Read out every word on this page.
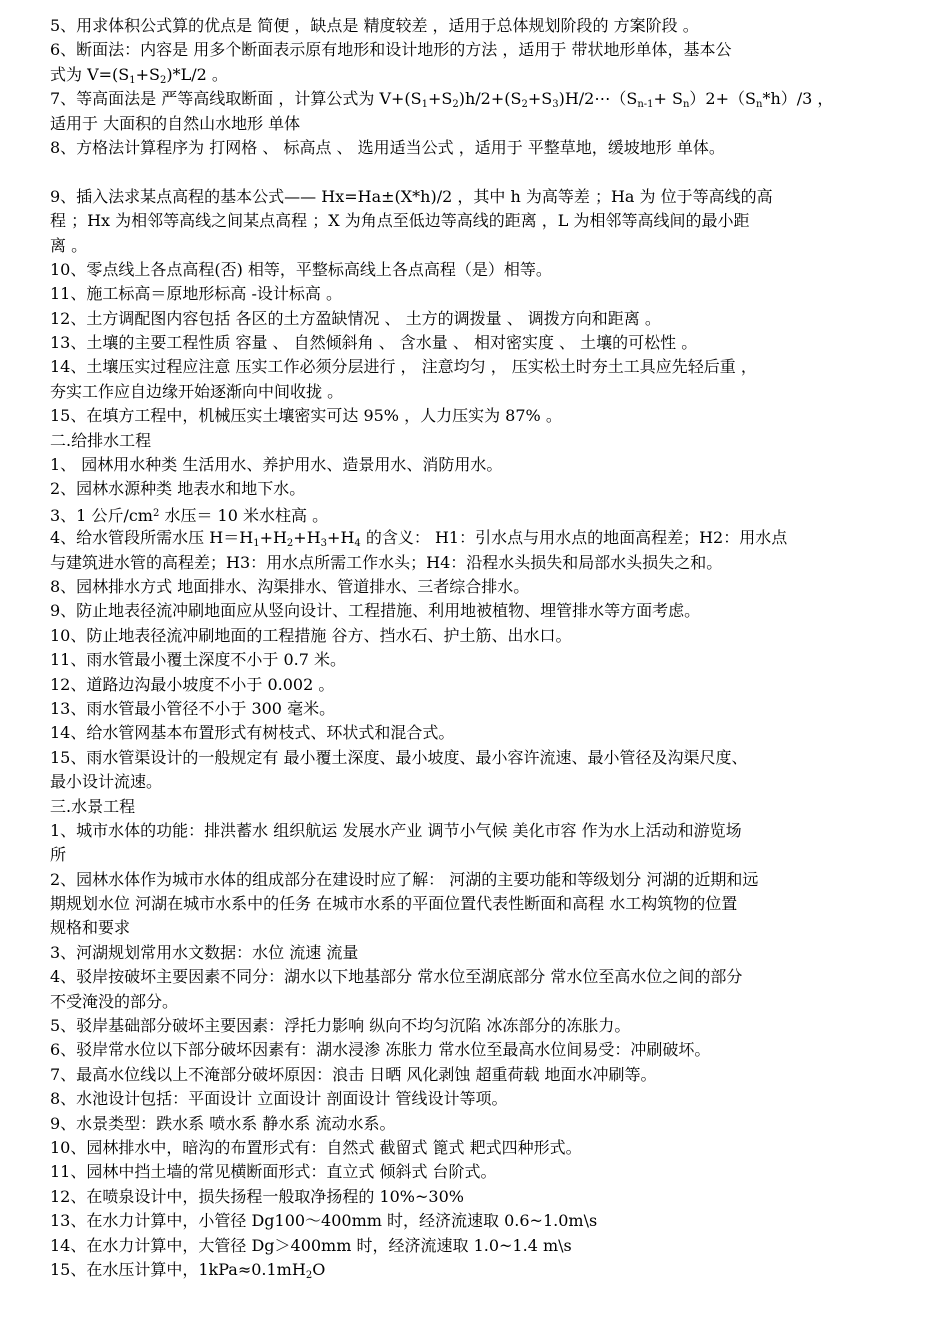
5、用求体积公式算的优点是 简便 ，缺点是 精度较差 ，适用于总体规划阶段的 方案阶段 。
6、断面法：内容是 用多个断面表示原有地形和设计地形的方法 ，适用于 带状地形单体，基本公
式为 $V=(S_1+S_2)*L/2$ 。
7、等高面法是 严等高线取断面 ，计算公式为 $V+(S_1+S_2)h/2+(S_2+S_3)H/2\cdots(S_{n-1}+ S_n)2+(S_n*h)/3$ ，
适用于 大面积的自然山水地形 单体
8、方格法计算程序为 打网格 、 标高点 、 选用适当公式 ，适用于 平整草地，缓坡地形 单体。
9、插入法求某点高程的基本公式—— Hx=Ha±(X*h)/2 ，其中 h 为高等差 ；Ha 为 位于等高线的高
程 ；Hx 为相邻等高线之间某点高程 ；X 为角点至低边等高线的距离 ，L 为相邻等高线间的最小距
离 。
10、零点线上各点高程(否) 相等，平整标高线上各点高程（是）相等。
11、施工标高＝原地形标高 -设计标高 。
12、土方调配图内容包括 各区的土方盈缺情况 、 土方的调拨量 、 调拨方向和距离 。
13、土壤的主要工程性质 容量 、 自然倾斜角 、 含水量 、 相对密实度 、 土壤的可松性 。
14、土壤压实过程应注意 压实工作必须分层进行 ， 注意均匀 ， 压实松土时夯土工具应先轻后重 ，
夯实工作应自边缘开始逐渐向中间收拢 。
15、在填方工程中，机械压实土壤密实可达 95% ，人力压实为 87% 。
二.给排水工程
1、 园林用水种类 生活用水、养护用水、造景用水、消防用水。
2、园林水源种类 地表水和地下水。
3、1 公斤$/cm^2$ 水压＝ 10 米水柱高 。
4、给水管段所需水压 $H=H_1+H_2+H_3+H_4$ 的含义： H1：引水点与用水点的地面高程差；H2：用水点
与建筑进水管的高程差；H3：用水点所需工作水头；H4：沿程水头损失和局部水头损失之和。
8、园林排水方式 地面排水、沟渠排水、管道排水、三者综合排水。
9、防止地表径流冲刷地面应从竖向设计、工程措施、利用地被植物、埋管排水等方面考虑。
10、防止地表径流冲刷地面的工程措施 谷方、挡水石、护土筋、出水口。
11、雨水管最小覆土深度不小于 0.7 米。
12、道路边沟最小坡度不小于 0.002 。
13、雨水管最小管径不小于 300 毫米。
14、给水管网基本布置形式有树枝式、环状式和混合式。
15、雨水管渠设计的一般规定有 最小覆土深度、最小坡度、最小容许流速、最小管径及沟渠尺度、
最小设计流速。
三.水景工程
1、城市水体的功能：排洪蓄水 组织航运 发展水产业 调节小气候 美化市容 作为水上活动和游览场
所
2、园林水体作为城市水体的组成部分在建设时应了解： 河湖的主要功能和等级划分 河湖的近期和远
期规划水位 河湖在城市水系中的任务 在城市水系的平面位置代表性断面和高程 水工构筑物的位置
规格和要求
3、河湖规划常用水文数据：水位 流速 流量
4、驳岸按破坏主要因素不同分：湖水以下地基部分 常水位至湖底部分 常水位至高水位之间的部分
不受淹没的部分。
5、驳岸基础部分破坏主要因素：浮托力影响 纵向不均匀沉陷 冰冻部分的冻胀力。
6、驳岸常水位以下部分破坏因素有：湖水浸渗 冻胀力 常水位至最高水位间易受：冲刷破坏。
7、最高水位线以上不淹部分破坏原因：浪击 日晒 风化剥蚀 超重荷载 地面水冲刷等。
8、水池设计包括：平面设计 立面设计 剖面设计 管线设计等项。
9、水景类型：跌水系 喷水系 静水系 流动水系。
10、园林排水中，暗沟的布置形式有：自然式 截留式 篦式 耙式四种形式。
11、园林中挡土墙的常见横断面形式：直立式 倾斜式 台阶式。
12、在喷泉设计中，损失扬程一般取净扬程的 10%~30%
13、在水力计算中，小管径 Dg100～400mm 时，经济流速取 0.6~1.0m\s
14、在水力计算中，大管径 Dg＞400mm 时，经济流速取 1.0~1.4 m\s
15、在水压计算中，$1kPa\approx 0.1mH_2O$
